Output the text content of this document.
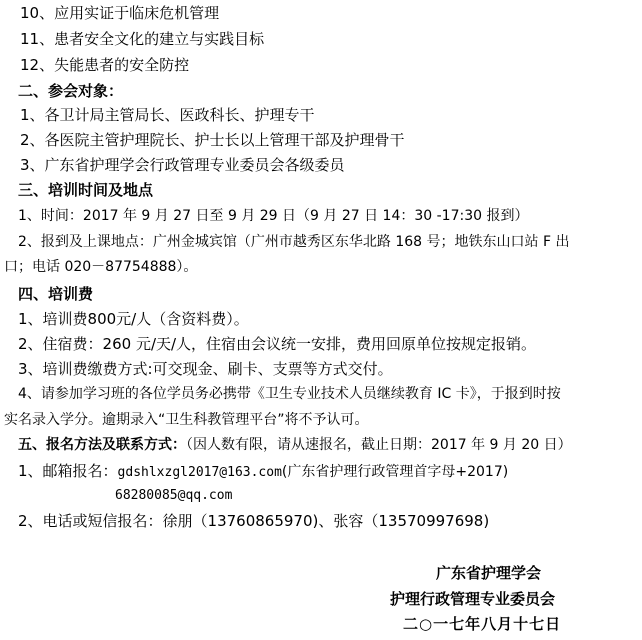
10、应用实证于临床危机管理
11、患者安全文化的建立与实践目标
12、失能患者的安全防控
二、参会对象：
1、各卫计局主管局长、医政科长、护理专干
2、各医院主管护理院长、护士长以上管理干部及护理骨干
3、广东省护理学会行政管理专业委员会各级委员
三、培训时间及地点
1、时间：2017 年 9 月 27 日至 9 月 29 日（9 月 27 日 14：30 -17:30 报到）
2、报到及上课地点：广州金城宾馆（广州市越秀区东华北路 168 号；地铁东山口站 F 出
口；电话 020－87754888）。
四、培训费
1、培训费800元/人（含资料费）。
2、住宿费：260 元/天/人，住宿由会议统一安排，费用回原单位按规定报销。
3、培训费缴费方式:可交现金、刷卡、支票等方式交付。
4、请参加学习班的各位学员务必携带《卫生专业技术人员继续教育 IC 卡》，于报到时按
实名录入学分。逾期录入“卫生科教管理平台”将不予认可。
五、报名方法及联系方式：（因人数有限，请从速报名，截止日期：2017 年 9 月 20 日）
1、邮箱报名：gdshlxzgl2017@163.com(广东省护理行政管理首字母+2017)
68280085@qq.com
2、电话或短信报名：徐朋（13760865970)、张容（13570997698)
广东省护理学会
护理行政管理专业委员会
二○一七年八月十七日
